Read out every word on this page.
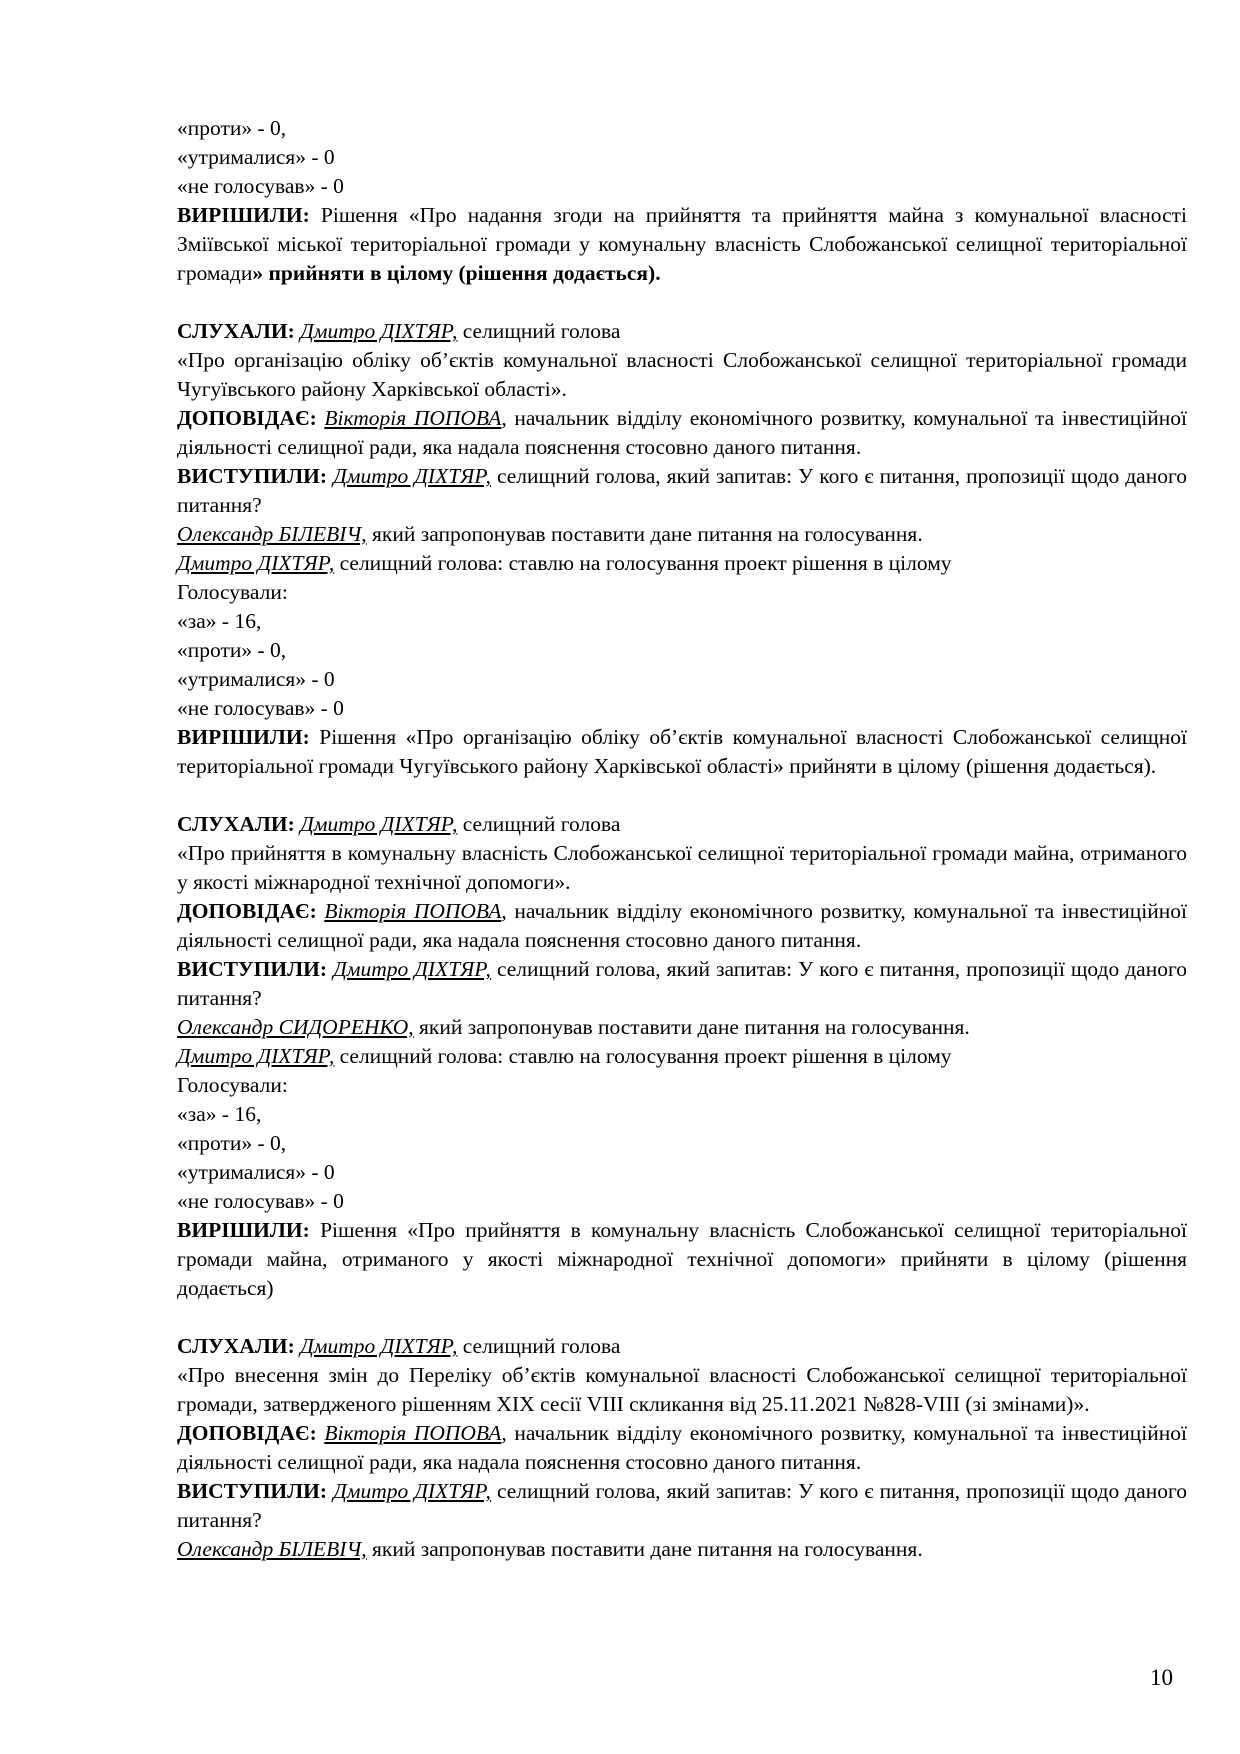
«проти» - 0,

«утрималися» - 0

«не голосував» - 0

ВИРІШИЛИ: Рішення «Про надання згоди на прийняття та прийняття майна з комунальної власності Зміївської міської територіальної громади у комунальну власність Слобожанської селищної територіальної громади» прийняти в цілому (рішення додається).

СЛУХАЛИ: Дмитро ДІХТЯР, селищний голова

«Про організацію обліку об’єктів комунальної власності Слобожанської селищної територіальної громади Чугуївського району Харківської області».

ДОПОВІДАЄ: Вікторія ПОПОВА, начальник відділу економічного розвитку, комунальної та інвестиційної діяльності селищної ради, яка надала пояснення стосовно даного питання.

ВИСТУПИЛИ: Дмитро ДІХТЯР, селищний голова, який запитав: У кого є питання, пропозиції щодо даного питання?

Олександр БІЛЕВІЧ, який запропонував поставити дане питання на голосування.

Дмитро ДІХТЯР, селищний голова: ставлю на голосування проект рішення в цілому

Голосували:

«за» - 16,

«проти» - 0,

«утрималися» - 0

«не голосував» - 0

ВИРІШИЛИ: Рішення «Про організацію обліку об’єктів комунальної власності Слобожанської селищної територіальної громади Чугуївського району Харківської області» прийняти в цілому (рішення додається).

СЛУХАЛИ: Дмитро ДІХТЯР, селищний голова

«Про прийняття в комунальну власність Слобожанської селищної територіальної громади майна, отриманого у якості міжнародної технічної допомоги».

ДОПОВІДАЄ: Вікторія ПОПОВА, начальник відділу економічного розвитку, комунальної та інвестиційної діяльності селищної ради, яка надала пояснення стосовно даного питання.

ВИСТУПИЛИ: Дмитро ДІХТЯР, селищний голова, який запитав: У кого є питання, пропозиції щодо даного питання?

Олександр СИДОРЕНКО, який запропонував поставити дане питання на голосування.

Дмитро ДІХТЯР, селищний голова: ставлю на голосування проект рішення в цілому

Голосували:

«за» - 16,

«проти» - 0,

«утрималися» - 0

«не голосував» - 0

ВИРІШИЛИ: Рішення «Про прийняття в комунальну власність Слобожанської селищної територіальної громади майна, отриманого у якості міжнародної технічної допомоги» прийняти в цілому (рішення додається)

СЛУХАЛИ: Дмитро ДІХТЯР, селищний голова

«Про внесення змін до Переліку об’єктів комунальної власності Слобожанської селищної територіальної громади, затвердженого рішенням XIX сесії VIII скликання від 25.11.2021 №828-VIII (зі змінами)».

ДОПОВІДАЄ: Вікторія ПОПОВА, начальник відділу економічного розвитку, комунальної та інвестиційної діяльності селищної ради, яка надала пояснення стосовно даного питання.

ВИСТУПИЛИ: Дмитро ДІХТЯР, селищний голова, який запитав: У кого є питання, пропозиції щодо даного питання?

Олександр БІЛЕВІЧ, який запропонував поставити дане питання на голосування.

10
